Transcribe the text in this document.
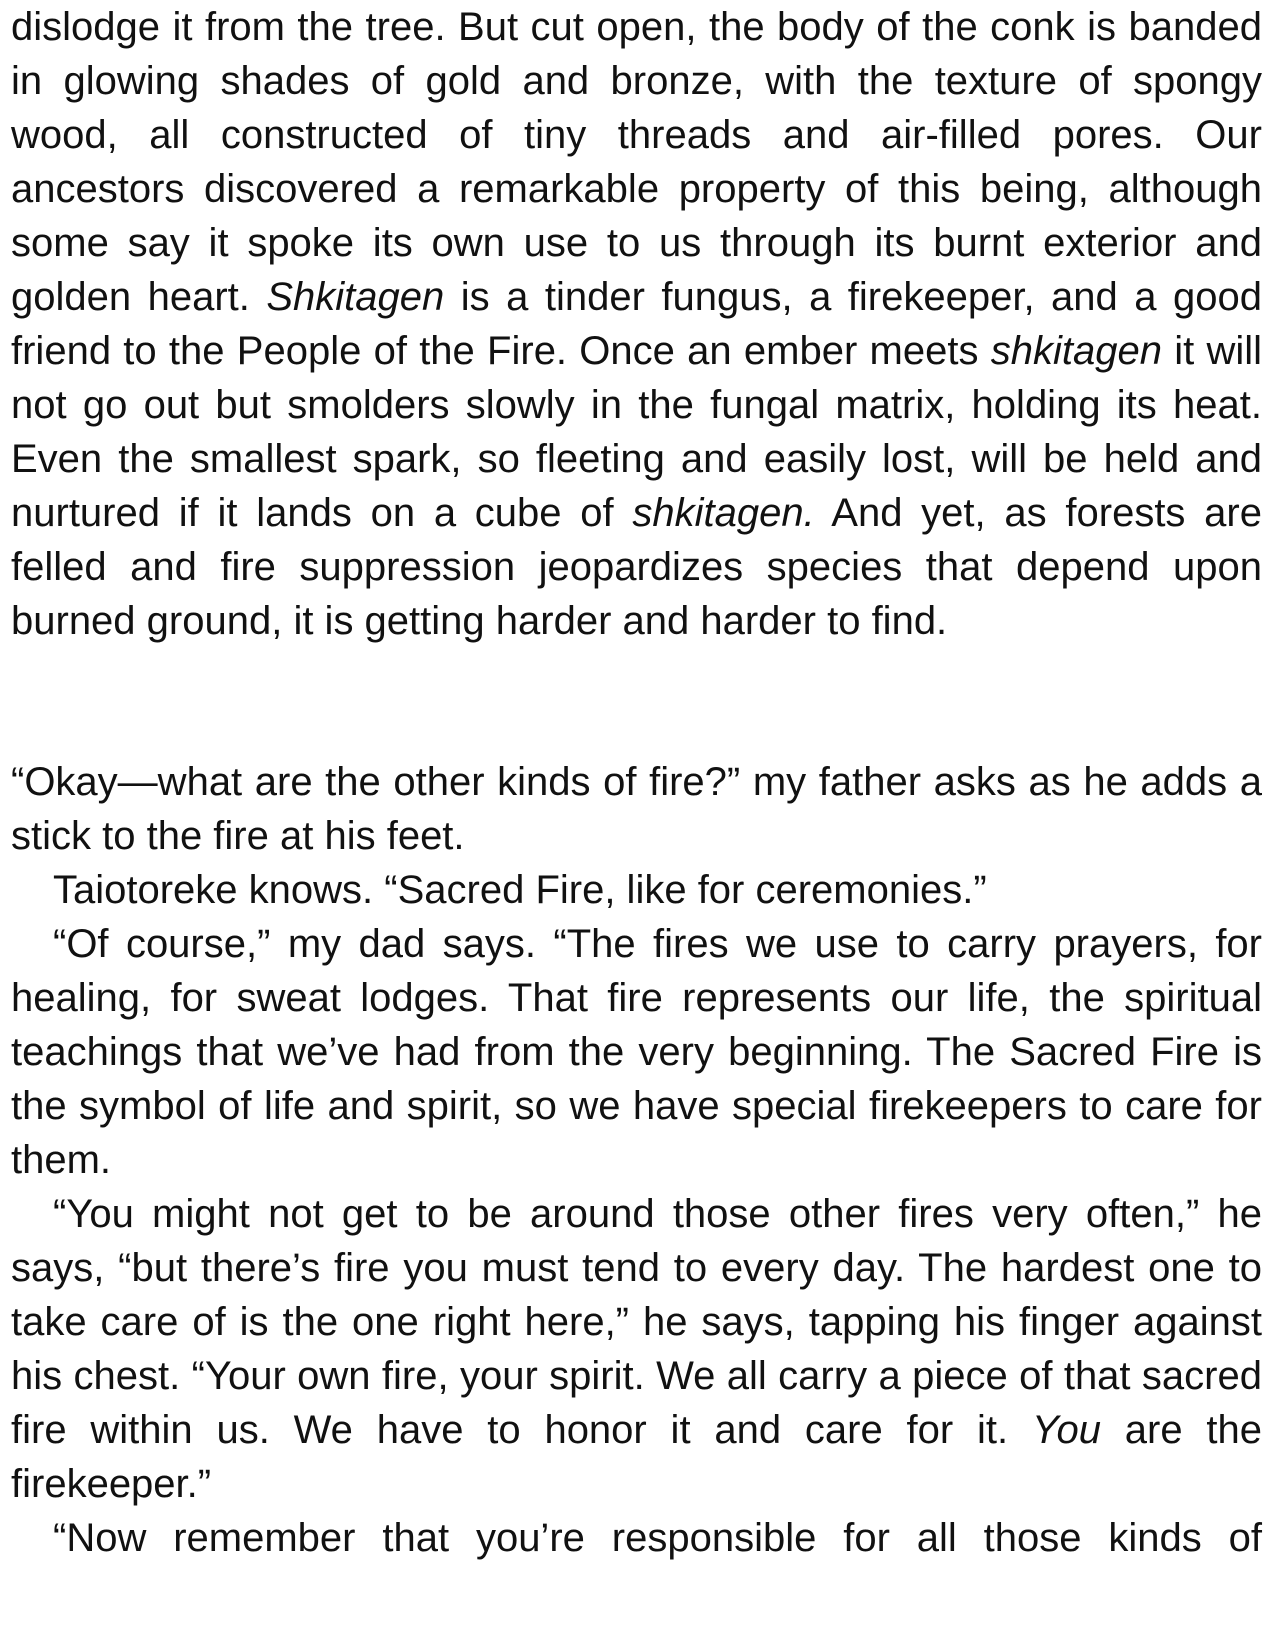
dislodge it from the tree. But cut open, the body of the conk is banded in glowing shades of gold and bronze, with the texture of spongy wood, all constructed of tiny threads and air-filled pores. Our ancestors discovered a remarkable property of this being, although some say it spoke its own use to us through its burnt exterior and golden heart. Shkitagen is a tinder fungus, a firekeeper, and a good friend to the People of the Fire. Once an ember meets shkitagen it will not go out but smolders slowly in the fungal matrix, holding its heat. Even the smallest spark, so fleeting and easily lost, will be held and nurtured if it lands on a cube of shkitagen. And yet, as forests are felled and fire suppression jeopardizes species that depend upon burned ground, it is getting harder and harder to find.

“Okay—what are the other kinds of fire?” my father asks as he adds a stick to the fire at his feet.

Taiotoreke knows. “Sacred Fire, like for ceremonies.”

“Of course,” my dad says. “The fires we use to carry prayers, for healing, for sweat lodges. That fire represents our life, the spiritual teachings that we’ve had from the very beginning. The Sacred Fire is the symbol of life and spirit, so we have special firekeepers to care for them.

“You might not get to be around those other fires very often,” he says, “but there’s fire you must tend to every day. The hardest one to take care of is the one right here,” he says, tapping his finger against his chest. “Your own fire, your spirit. We all carry a piece of that sacred fire within us. We have to honor it and care for it. You are the firekeeper.”

“Now remember that you’re responsible for all those kinds of
